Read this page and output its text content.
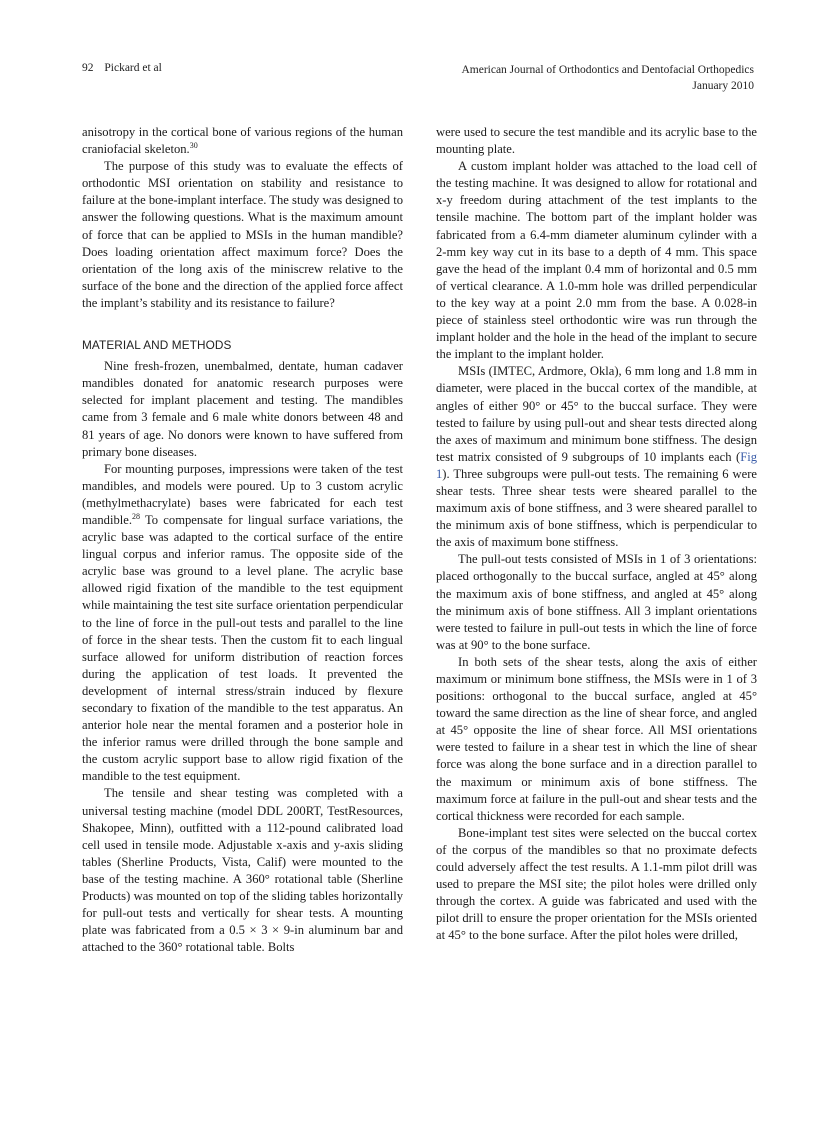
92 Pickard et al	American Journal of Orthodontics and Dentofacial Orthopedics
January 2010

anisotropy in the cortical bone of various regions of the human craniofacial skeleton.$^{30}$

The purpose of this study was to evaluate the effects of orthodontic MSI orientation on stability and resistance to failure at the bone-implant interface. The study was designed to answer the following questions. What is the maximum amount of force that can be applied to MSIs in the human mandible? Does loading orientation affect maximum force? Does the orientation of the long axis of the miniscrew relative to the surface of the bone and the direction of the applied force affect the implant’s stability and its resistance to failure?

MATERIAL AND METHODS

Nine fresh-frozen, unembalmed, dentate, human cadaver mandibles donated for anatomic research purposes were selected for implant placement and testing. The mandibles came from 3 female and 6 male white donors between 48 and 81 years of age. No donors were known to have suffered from primary bone diseases.

For mounting purposes, impressions were taken of the test mandibles, and models were poured. Up to 3 custom acrylic (methylmethacrylate) bases were fabricated for each test mandible.$^{28}$ To compensate for lingual surface variations, the acrylic base was adapted to the cortical surface of the entire lingual corpus and inferior ramus. The opposite side of the acrylic base was ground to a level plane. The acrylic base allowed rigid fixation of the mandible to the test equipment while maintaining the test site surface orientation perpendicular to the line of force in the pull-out tests and parallel to the line of force in the shear tests. Then the custom fit to each lingual surface allowed for uniform distribution of reaction forces during the application of test loads. It prevented the development of internal stress/strain induced by flexure secondary to fixation of the mandible to the test apparatus. An anterior hole near the mental foramen and a posterior hole in the inferior ramus were drilled through the bone sample and the custom acrylic support base to allow rigid fixation of the mandible to the test equipment.

The tensile and shear testing was completed with a universal testing machine (model DDL 200RT, TestResources, Shakopee, Minn), outfitted with a 112-pound calibrated load cell used in tensile mode. Adjustable x-axis and y-axis sliding tables (Sherline Products, Vista, Calif) were mounted to the base of the testing machine. A 360° rotational table (Sherline Products) was mounted on top of the sliding tables horizontally for pull-out tests and vertically for shear tests. A mounting plate was fabricated from a 0.5 × 3 × 9-in aluminum bar and attached to the 360° rotational table. Bolts

were used to secure the test mandible and its acrylic base to the mounting plate.

A custom implant holder was attached to the load cell of the testing machine. It was designed to allow for rotational and x-y freedom during attachment of the test implants to the tensile machine. The bottom part of the implant holder was fabricated from a 6.4-mm diameter aluminum cylinder with a 2-mm key way cut in its base to a depth of 4 mm. This space gave the head of the implant 0.4 mm of horizontal and 0.5 mm of vertical clearance. A 1.0-mm hole was drilled perpendicular to the key way at a point 2.0 mm from the base. A 0.028-in piece of stainless steel orthodontic wire was run through the implant holder and the hole in the head of the implant to secure the implant to the implant holder.

MSIs (IMTEC, Ardmore, Okla), 6 mm long and 1.8 mm in diameter, were placed in the buccal cortex of the mandible, at angles of either 90° or 45° to the buccal surface. They were tested to failure by using pull-out and shear tests directed along the axes of maximum and minimum bone stiffness. The design test matrix consisted of 9 subgroups of 10 implants each (Fig 1). Three subgroups were pull-out tests. The remaining 6 were shear tests. Three shear tests were sheared parallel to the maximum axis of bone stiffness, and 3 were sheared parallel to the minimum axis of bone stiffness, which is perpendicular to the axis of maximum bone stiffness.

The pull-out tests consisted of MSIs in 1 of 3 orientations: placed orthogonally to the buccal surface, angled at 45° along the maximum axis of bone stiffness, and angled at 45° along the minimum axis of bone stiffness. All 3 implant orientations were tested to failure in pull-out tests in which the line of force was at 90° to the bone surface.

In both sets of the shear tests, along the axis of either maximum or minimum bone stiffness, the MSIs were in 1 of 3 positions: orthogonal to the buccal surface, angled at 45° toward the same direction as the line of shear force, and angled at 45° opposite the line of shear force. All MSI orientations were tested to failure in a shear test in which the line of shear force was along the bone surface and in a direction parallel to the maximum or minimum axis of bone stiffness. The maximum force at failure in the pull-out and shear tests and the cortical thickness were recorded for each sample.

Bone-implant test sites were selected on the buccal cortex of the corpus of the mandibles so that no proximate defects could adversely affect the test results. A 1.1-mm pilot drill was used to prepare the MSI site; the pilot holes were drilled only through the cortex. A guide was fabricated and used with the pilot drill to ensure the proper orientation for the MSIs oriented at 45° to the bone surface. After the pilot holes were drilled,
